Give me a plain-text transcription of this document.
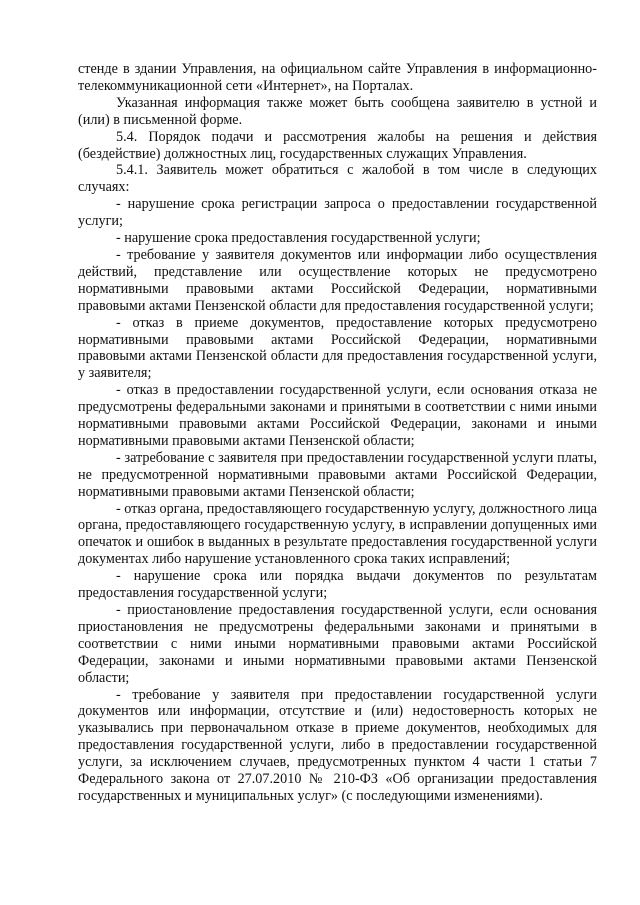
стенде в здании Управления, на официальном сайте Управления в информационно-телекоммуникационной сети «Интернет», на Порталах.

Указанная информация также может быть сообщена заявителю в устной и (или) в письменной форме.

5.4. Порядок подачи и рассмотрения жалобы на решения и действия (бездействие) должностных лиц, государственных служащих Управления.

5.4.1. Заявитель может обратиться с жалобой в том числе в следующих случаях:

- нарушение срока регистрации запроса о предоставлении государственной услуги;

- нарушение срока предоставления государственной услуги;

- требование у заявителя документов или информации либо осуществления действий, представление или осуществление которых не предусмотрено нормативными правовыми актами Российской Федерации, нормативными правовыми актами Пензенской области для предоставления государственной услуги;

- отказ в приеме документов, предоставление которых предусмотрено нормативными правовыми актами Российской Федерации, нормативными правовыми актами Пензенской области для предоставления государственной услуги, у заявителя;

- отказ в предоставлении государственной услуги, если основания отказа не предусмотрены федеральными законами и принятыми в соответствии с ними иными нормативными правовыми актами Российской Федерации, законами и иными нормативными правовыми актами Пензенской области;

- затребование с заявителя при предоставлении государственной услуги платы, не предусмотренной нормативными правовыми актами Российской Федерации, нормативными правовыми актами Пензенской области;

- отказ органа, предоставляющего государственную услугу, должностного лица органа, предоставляющего государственную услугу, в исправлении допущенных ими опечаток и ошибок в выданных в результате предоставления государственной услуги документах либо нарушение установленного срока таких исправлений;

- нарушение срока или порядка выдачи документов по результатам предоставления государственной услуги;

- приостановление предоставления государственной услуги, если основания приостановления не предусмотрены федеральными законами и принятыми в соответствии с ними иными нормативными правовыми актами Российской Федерации, законами и иными нормативными правовыми актами Пензенской области;

- требование у заявителя при предоставлении государственной услуги документов или информации, отсутствие и (или) недостоверность которых не указывались при первоначальном отказе в приеме документов, необходимых для предоставления государственной услуги, либо в предоставлении государственной услуги, за исключением случаев, предусмотренных пунктом 4 части 1 статьи 7 Федерального закона от 27.07.2010 № 210-ФЗ «Об организации предоставления государственных и муниципальных услуг» (с последующими изменениями).
